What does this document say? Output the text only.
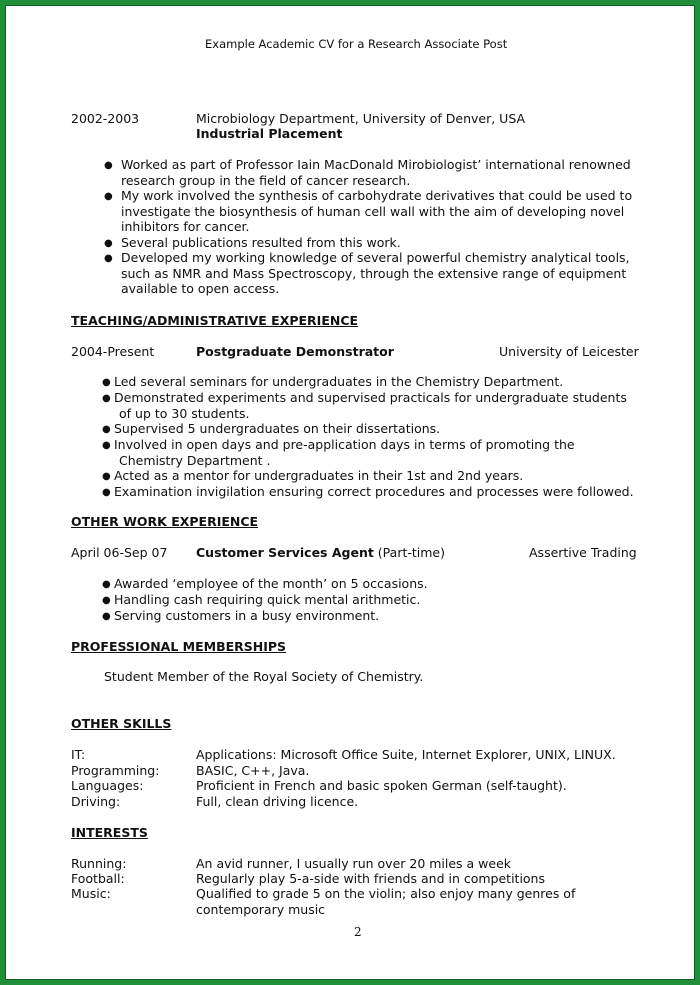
Example Academic CV for a Research Associate Post
2002-2003	Microbiology Department, University of Denver, USA
Industrial Placement
● Worked as part of Professor Iain MacDonald Mirobiologist’ international renowned
research group in the field of cancer research.
● My work involved the synthesis of carbohydrate derivatives that could be used to
investigate the biosynthesis of human cell wall with the aim of developing novel
inhibitors for cancer.
● Several publications resulted from this work.
● Developed my working knowledge of several powerful chemistry analytical tools,
such as NMR and Mass Spectroscopy, through the extensive range of equipment
available to open access.
TEACHING/ADMINISTRATIVE EXPERIENCE
2004-Present	Postgraduate Demonstrator	University of Leicester
● Led several seminars for undergraduates in the Chemistry Department.
● Demonstrated experiments and supervised practicals for undergraduate students
of up to 30 students.
● Supervised 5 undergraduates on their dissertations.
● Involved in open days and pre-application days in terms of promoting the
Chemistry Department .
● Acted as a mentor for undergraduates in their 1st and 2nd years.
● Examination invigilation ensuring correct procedures and processes were followed.
OTHER WORK EXPERIENCE
April 06-Sep 07 Customer Services Agent (Part-time)	Assertive Trading
● Awarded ‘employee of the month’ on 5 occasions.
● Handling cash requiring quick mental arithmetic.
● Serving customers in a busy environment.
PROFESSIONAL MEMBERSHIPS
Student Member of the Royal Society of Chemistry.
OTHER SKILLS
IT:	Applications: Microsoft Office Suite, Internet Explorer, UNIX, LINUX.
Programming:	BASIC, C++, Java.
Languages:	Proficient in French and basic spoken German (self-taught).
Driving:	Full, clean driving licence.
INTERESTS
Running:	An avid runner, I usually run over 20 miles a week
Football:	Regularly play 5-a-side with friends and in competitions
Music:	Qualified to grade 5 on the violin; also enjoy many genres of
contemporary music
2
